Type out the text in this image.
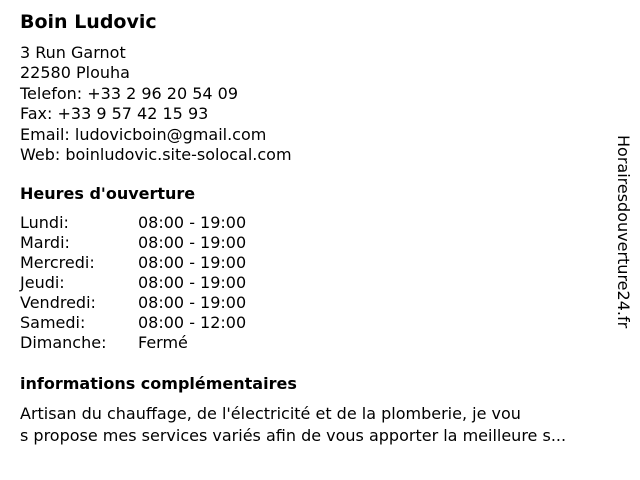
Boin Ludovic
3 Run Garnot
22580 Plouha
Telefon: +33 2 96 20 54 09
Fax: +33 9 57 42 15 93
Email: ludovicboin@gmail.com
Web: boinludovic.site-solocal.com
Heures d'ouverture
Lundi:	08:00 - 19:00
Mardi:	08:00 - 19:00
Mercredi:	08:00 - 19:00
Jeudi:	08:00 - 19:00
Vendredi:	08:00 - 19:00
Samedi:	08:00 - 12:00
Dimanche: Fermé
informations complémentaires
Artisan du chauffage, de l'électricité et de la plomberie, je vou
s propose mes services variés afin de vous apporter la meilleure s...
Horairesdouverture24.fr
